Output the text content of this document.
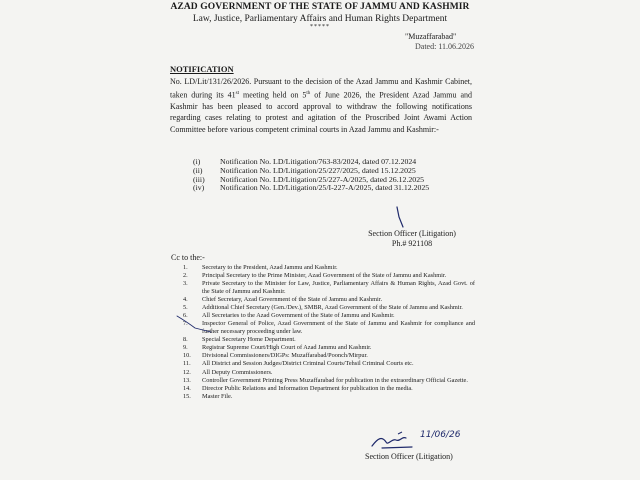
AZAD GOVERNMENT OF THE STATE OF JAMMU AND KASHMIR
Law, Justice, Parliamentary Affairs and Human Rights Department
*****
"Muzaffarabad"
Dated: 11.06.2026
NOTIFICATION
No. LD/Lit/131/26/2026. Pursuant to the decision of the Azad Jammu and Kashmir Cabinet, taken during its 41st meeting held on 5th of June 2026, the President Azad Jammu and Kashmir has been pleased to accord approval to withdraw the following notifications regarding cases relating to protest and agitation of the Proscribed Joint Awami Action Committee before various competent criminal courts in Azad Jammu and Kashmir:-
(i)	Notification No. LD/Litigation/763-83/2024, dated 07.12.2024
(ii)	Notification No. LD/Litigation/25/227/2025, dated 15.12.2025
(iii)	Notification No. LD/Litigation/25/227-A/2025, dated 26.12.2025
(iv)	Notification No. LD/Litigation/25/I-227-A/2025, dated 31.12.2025
Section Officer (Litigation)
Ph.# 921108
Cc to the:-
1.	Secretary to the President, Azad Jammu and Kashmir.
2.	Principal Secretary to the Prime Minister, Azad Government of the State of Jammu and Kashmir.
3.	Private Secretary to the Minister for Law, Justice, Parliamentary Affairs & Human Rights, Azad Govt. of the State of Jammu and Kashmir.
4.	Chief Secretary, Azad Government of the State of Jammu and Kashmir.
5.	Additional Chief Secretary (Gen./Dev.), SMBR, Azad Government of the State of Jammu and Kashmir.
6.	All Secretaries to the Azad Government of the State of Jammu and Kashmir.
7.	Inspector General of Police, Azad Government of the State of Jammu and Kashmir for compliance and further necessary proceeding under law.
8.	Special Secretary Home Department.
9.	Registrar Supreme Court/High Court of Azad Jammu and Kashmir.
10.	Divisional Commissioners/DIGPs: Muzaffarabad/Poonch/Mirpur.
11.	All District and Session Judges/District Criminal Courts/Tehsil Criminal Courts etc.
12.	All Deputy Commissioners.
13.	Controller Government Printing Press Muzaffarabad for publication in the extraordinary Official Gazette.
14.	Director Public Relations and Information Department for publication in the media.
15.	Master File.
11/06/26
Section Officer (Litigation)
